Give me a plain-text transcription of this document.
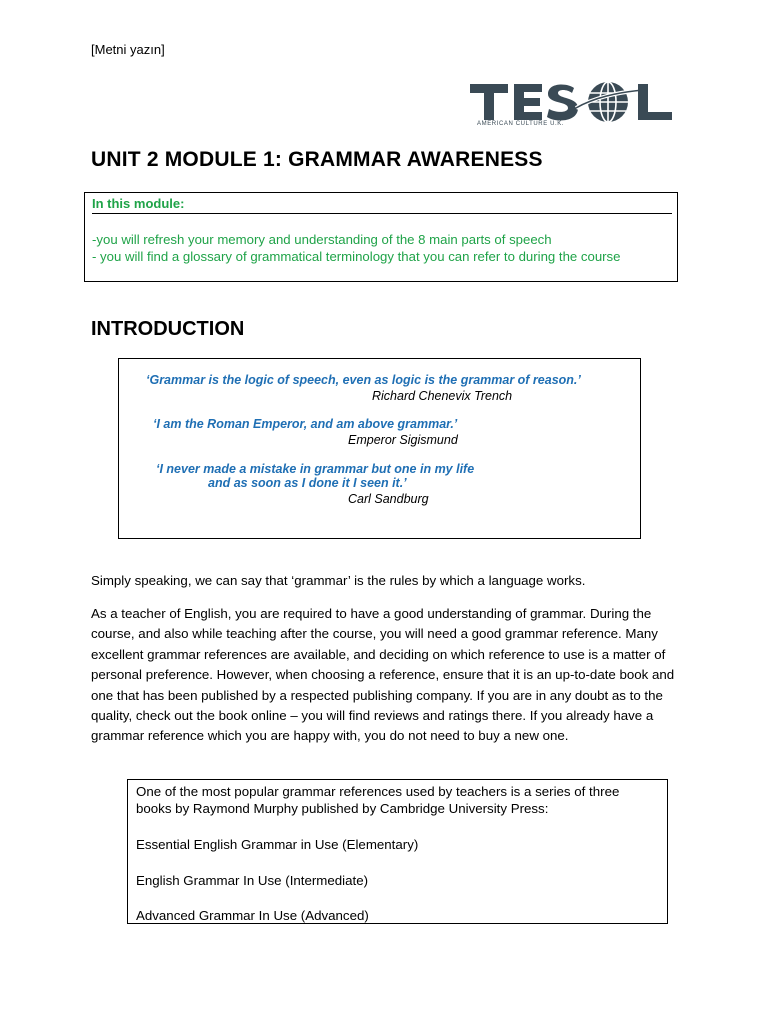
[Metni yazın]
AMERICAN CULTURE U.K.
UNIT 2 MODULE 1: GRAMMAR AWARENESS
In this module:
-you will refresh your memory and understanding of the 8 main parts of speech
- you will find a glossary of grammatical terminology that you can refer to during the course
INTRODUCTION
‘Grammar is the logic of speech, even as logic is the grammar of reason.’
Richard Chenevix Trench
‘I am the Roman Emperor, and am above grammar.’
Emperor Sigismund
‘I never made a mistake in grammar but one in my life
and as soon as I done it I seen it.’
Carl Sandburg
Simply speaking, we can say that ‘grammar’ is the rules by which a language works.
As a teacher of English, you are required to have a good understanding of grammar. During the course, and also while teaching after the course, you will need a good grammar reference. Many excellent grammar references are available, and deciding on which reference to use is a matter of personal preference. However, when choosing a reference, ensure that it is an up-to-date book and one that has been published by a respected publishing company. If you are in any doubt as to the quality, check out the book online – you will find reviews and ratings there. If you already have a grammar reference which you are happy with, you do not need to buy a new one.
One of the most popular grammar references used by teachers is a series of three
books by Raymond Murphy published by Cambridge University Press:
Essential English Grammar in Use (Elementary)
English Grammar In Use (Intermediate)
Advanced Grammar In Use (Advanced)
